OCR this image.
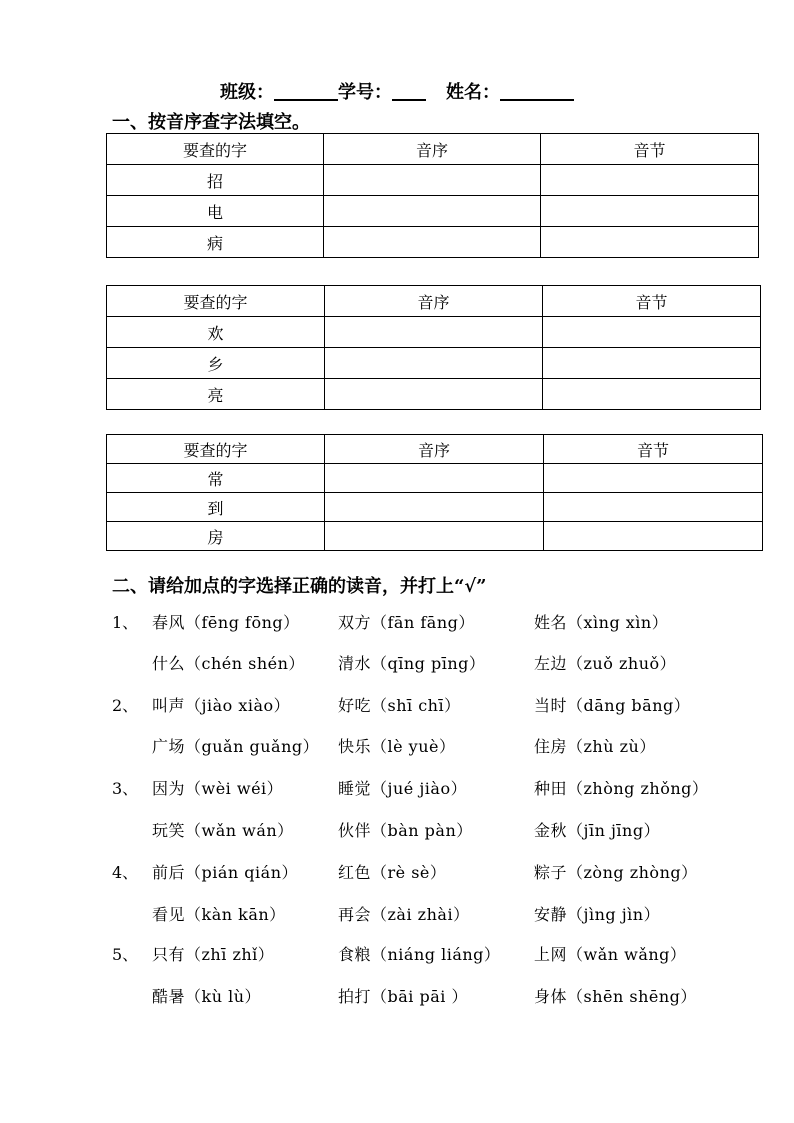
班级：	学号：	姓名：
一、按音序查字法填空。
要查的字	音序	音节
招		
电		
病		
要查的字	音序	音节
欢		
乡		
亮		
要查的字	音序	音节
常		
到		
房		
二、请给加点的字选择正确的读音，并打上“√”
1、 春风（fēng fōng） 双方（fān fāng）	姓名（xìng xìn）
什么（chén shén） 清水（qīng pīng）	左边（zuǒ zhuǒ）
2、 叫声（jiào xiào）	好吃（shī chī）	当时（dāng bāng）
广场（guǎn guǎng） 快乐（lè yuè）	住房（zhù zù）
3、 因为（wèi wéi）	睡觉（jué jiào）	种田（zhòng zhǒng）
玩笑（wǎn wán）	伙伴（bàn pàn）	金秋（jīn jīng）
4、 前后（pián qián）	红色（rè sè）	粽子（zòng zhòng）
看见（kàn kān）	再会（zài zhài）	安静（jìng jìn）
5、 只有（zhī zhǐ）	食粮（niáng liáng） 上网（wǎn wǎng）
酷暑（kù lù）	拍打（bāi pāi ）	身体（shēn shēng）
